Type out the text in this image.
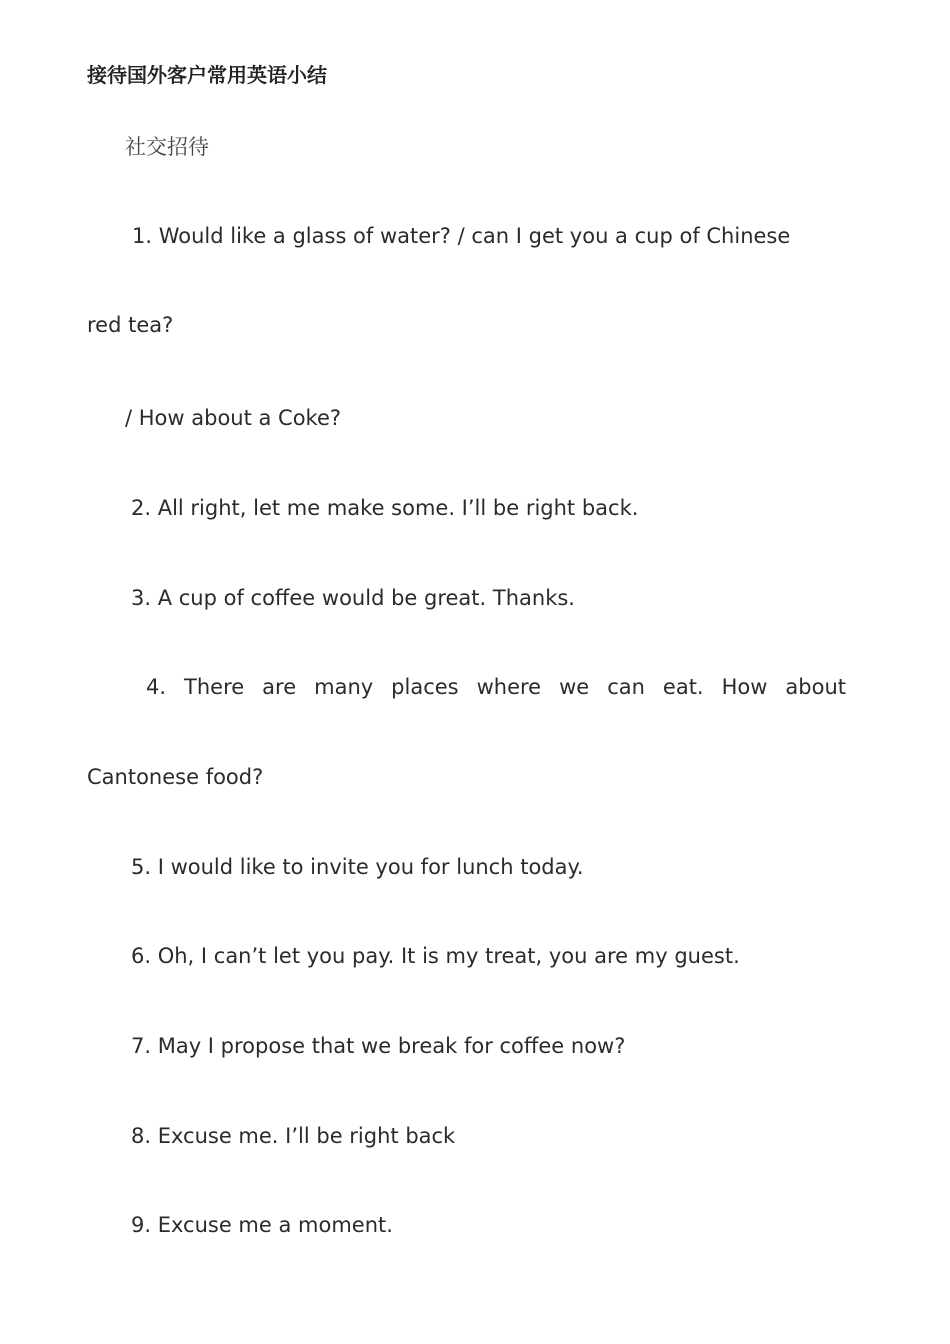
接待国外客户常用英语小结
社交招待
1. Would like a glass of water? / can I get you a cup of Chinese
red tea?
/ How about a Coke?
2. All right, let me make some. I’ll be right back.
3. A cup of coffee would be great. Thanks.
4. There are many places where we can eat. How about
Cantonese food?
5. I would like to invite you for lunch today.
6. Oh, I can’t let you pay. It is my treat, you are my guest.
7. May I propose that we break for coffee now?
8. Excuse me. I’ll be right back
9. Excuse me a moment.
